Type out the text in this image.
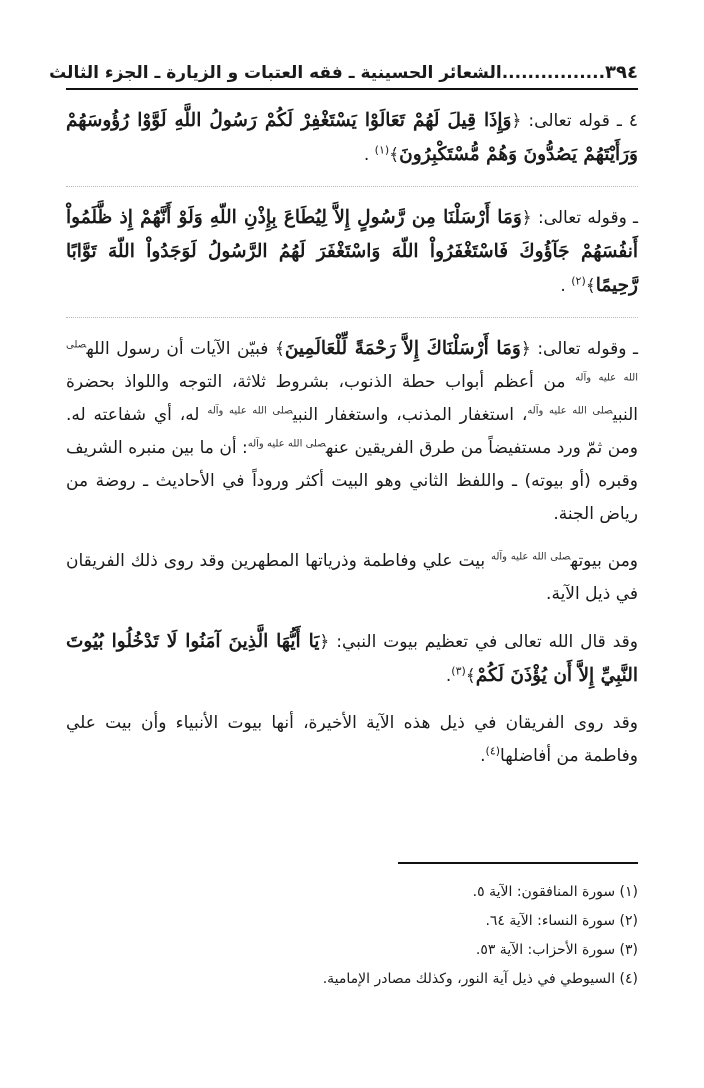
٣٩٤................الشعائر الحسينية ـ فقه العتبات و الزيارة ـ الجزء الثالث

٤ ـ قوله تعالى: ﴿وَإِذَا قِيلَ لَهُمْ تَعَالَوْا يَسْتَغْفِرْ لَكُمْ رَسُولُ اللَّهِ لَوَّوْا رُؤُوسَهُمْ وَرَأَيْتَهُمْ يَصُدُّونَ وَهُمْ مُّسْتَكْبِرُونَ﴾$^{(١)}$ .

ـ وقوله تعالى: ﴿وَمَا أَرْسَلْنَا مِن رَّسُولٍ إِلاَّ لِيُطَاعَ بِإِذْنِ اللّهِ وَلَوْ أَنَّهُمْ إِذ ظَّلَمُواْ أَنفُسَهُمْ جَآؤُوكَ فَاسْتَغْفَرُواْ اللّهَ وَاسْتَغْفَرَ لَهُمُ الرَّسُولُ لَوَجَدُواْ اللّهَ تَوَّابًا رَّحِيمًا﴾$^{(٢)}$ .

ـ وقوله تعالى: ﴿وَمَا أَرْسَلْنَاكَ إِلاَّ رَحْمَةً لِّلْعَالَمِينَ﴾ فبيّن الآيات أن رسول الله$^{صلى الله عليه وآله}$ من أعظم أبواب حطة الذنوب، بشروط ثلاثة، التوجه واللواذ بحضرة النبي$^{صلى الله عليه وآله}$، استغفار المذنب، واستغفار النبي$^{صلى الله عليه وآله}$ له، أي شفاعته له. ومن ثمّ ورد مستفيضاً من طرق الفريقين عنه$^{صلى الله عليه وآله}$: أن ما بين منبره الشريف وقبره (أو بيوته) ـ واللفظ الثاني وهو البيت أكثر وروداً في الأحاديث ـ روضة من رياض الجنة.

ومن بيوته$^{صلى الله عليه وآله}$ بيت علي وفاطمة وذرياتها المطهرين وقد روى ذلك الفريقان في ذيل الآية.

وقد قال الله تعالى في تعظيم بيوت النبي: ﴿يَا أَيُّهَا الَّذِينَ آمَنُوا لَا تَدْخُلُوا بُيُوتَ النَّبِيِّ إِلاَّ أَن يُؤْذَنَ لَكُمْ﴾$^{(٣)}$.

وقد روى الفريقان في ذيل هذه الآية الأخيرة، أنها بيوت الأنبياء وأن بيت علي وفاطمة من أفاضلها$^{(٤)}$.

(١) سورة المنافقون: الآية ٥.
(٢) سورة النساء: الآية ٦٤.
(٣) سورة الأحزاب: الآية ٥٣.
(٤) السيوطي في ذيل آية النور، وكذلك مصادر الإمامية.
